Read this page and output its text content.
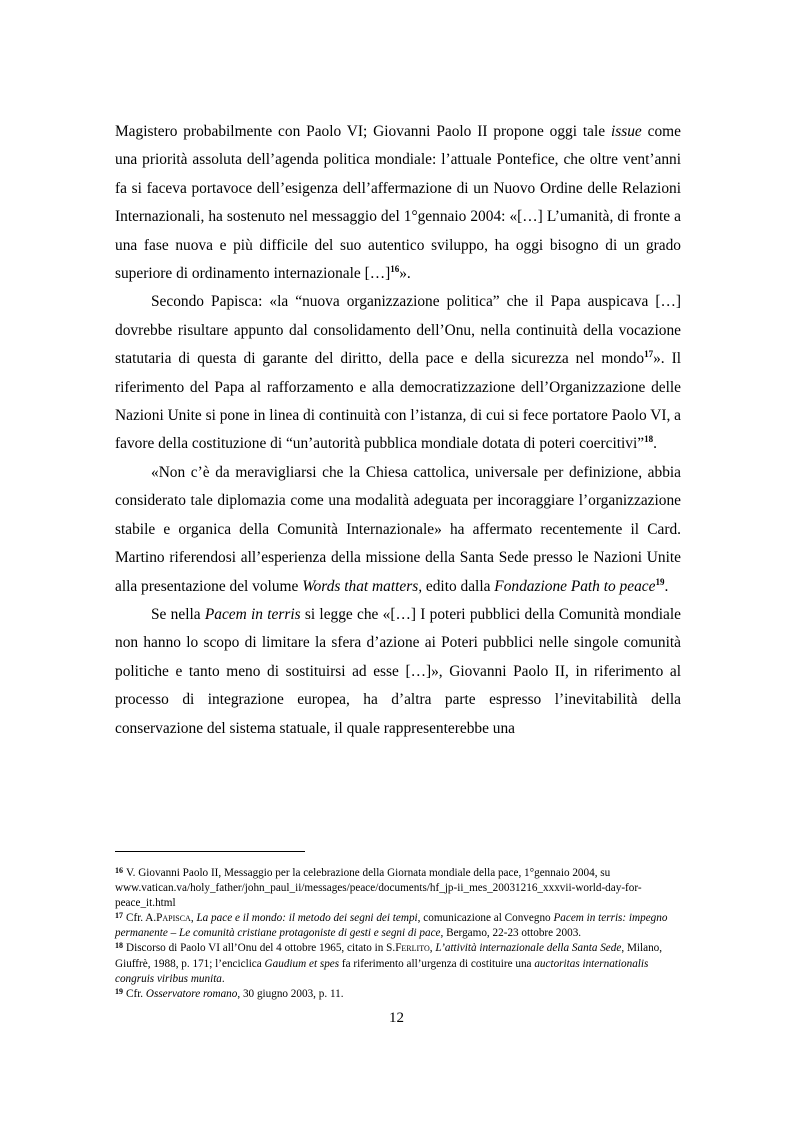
Magistero probabilmente con Paolo VI; Giovanni Paolo II propone oggi tale issue come una priorità assoluta dell’agenda politica mondiale: l’attuale Pontefice, che oltre vent’anni fa si faceva portavoce dell’esigenza dell’affermazione di un Nuovo Ordine delle Relazioni Internazionali, ha sostenuto nel messaggio del 1°gennaio 2004: «[…] L’umanità, di fronte a una fase nuova e più difficile del suo autentico sviluppo, ha oggi bisogno di un grado superiore di ordinamento internazionale […]$^{16}$».

Secondo Papisca: «la “nuova organizzazione politica” che il Papa auspicava […] dovrebbe risultare appunto dal consolidamento dell’Onu, nella continuità della vocazione statutaria di questa di garante del diritto, della pace e della sicurezza nel mondo$^{17}$». Il riferimento del Papa al rafforzamento e alla democratizzazione dell’Organizzazione delle Nazioni Unite si pone in linea di continuità con l’istanza, di cui si fece portatore Paolo VI, a favore della costituzione di “un’autorità pubblica mondiale dotata di poteri coercitivi”$^{18}$.

«Non c’è da meravigliarsi che la Chiesa cattolica, universale per definizione, abbia considerato tale diplomazia come una modalità adeguata per incoraggiare l’organizzazione stabile e organica della Comunità Internazionale» ha affermato recentemente il Card. Martino riferendosi all’esperienza della missione della Santa Sede presso le Nazioni Unite alla presentazione del volume Words that matters, edito dalla Fondazione Path to peace$^{19}$.

Se nella Pacem in terris si legge che «[…] I poteri pubblici della Comunità mondiale non hanno lo scopo di limitare la sfera d’azione ai Poteri pubblici nelle singole comunità politiche e tanto meno di sostituirsi ad esse […]», Giovanni Paolo II, in riferimento al processo di integrazione europea, ha d’altra parte espresso l’inevitabilità della conservazione del sistema statuale, il quale rappresenterebbe una

$^{16}$ V. Giovanni Paolo II, Messaggio per la celebrazione della Giornata mondiale della pace, 1°gennaio 2004, su www.vatican.va/holy_father/john_paul_ii/messages/peace/documents/hf_jp-ii_mes_20031216_xxxvii-world-day-for-peace_it.html

$^{17}$ Cfr. A.Papisca, La pace e il mondo: il metodo dei segni dei tempi, comunicazione al Convegno Pacem in terris: impegno permanente – Le comunità cristiane protagoniste di gesti e segni di pace, Bergamo, 22-23 ottobre 2003.

$^{18}$ Discorso di Paolo VI all’Onu del 4 ottobre 1965, citato in S.Ferlito, L’attività internazionale della Santa Sede, Milano, Giuffrè, 1988, p. 171; l’enciclica Gaudium et spes fa riferimento all’urgenza di costituire una auctoritas internationalis congruis viribus munita.

$^{19}$ Cfr. Osservatore romano, 30 giugno 2003, p. 11.

12
